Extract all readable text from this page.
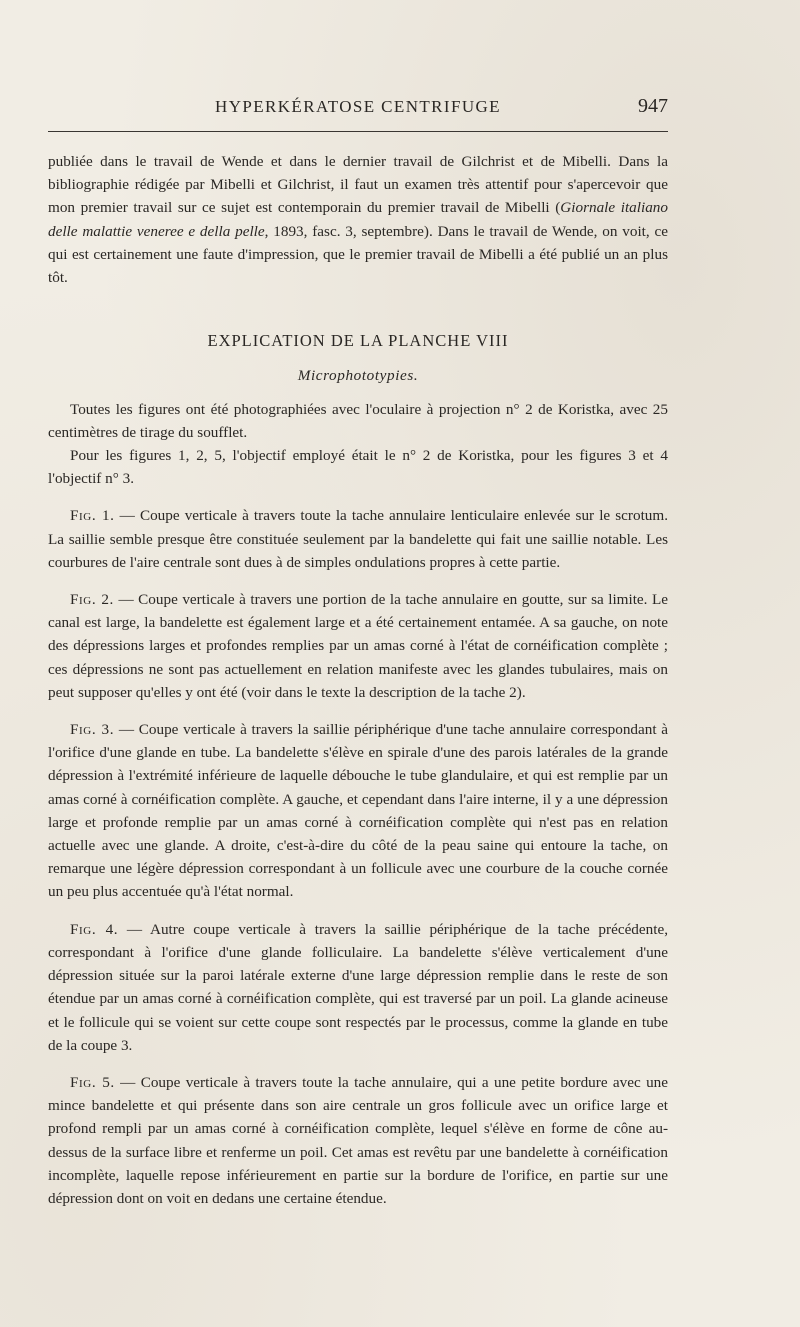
HYPERKÉRATOSE CENTRIFUGE	947

publiée dans le travail de Wende et dans le dernier travail de Gilchrist et de Mibelli. Dans la bibliographie rédigée par Mibelli et Gilchrist, il faut un examen très attentif pour s'apercevoir que mon premier travail sur ce sujet est contemporain du premier travail de Mibelli (Giornale italiano delle malattie veneree e della pelle, 1893, fasc. 3, septembre). Dans le travail de Wende, on voit, ce qui est certainement une faute d'impression, que le premier travail de Mibelli a été publié un an plus tôt.

EXPLICATION DE LA PLANCHE VIII

Microphototypies.

Toutes les figures ont été photographiées avec l'oculaire à projection n° 2 de Koristka, avec 25 centimètres de tirage du soufflet.

Pour les figures 1, 2, 5, l'objectif employé était le n° 2 de Koristka, pour les figures 3 et 4 l'objectif n° 3.

Fig. 1. — Coupe verticale à travers toute la tache annulaire lenticulaire enlevée sur le scrotum. La saillie semble presque être constituée seulement par la bandelette qui fait une saillie notable. Les courbures de l'aire centrale sont dues à de simples ondulations propres à cette partie.

Fig. 2. — Coupe verticale à travers une portion de la tache annulaire en goutte, sur sa limite. Le canal est large, la bandelette est également large et a été certainement entamée. A sa gauche, on note des dépressions larges et profondes remplies par un amas corné à l'état de cornéification complète ; ces dépressions ne sont pas actuellement en relation manifeste avec les glandes tubulaires, mais on peut supposer qu'elles y ont été (voir dans le texte la description de la tache 2).

Fig. 3. — Coupe verticale à travers la saillie périphérique d'une tache annulaire correspondant à l'orifice d'une glande en tube. La bandelette s'élève en spirale d'une des parois latérales de la grande dépression à l'extrémité inférieure de laquelle débouche le tube glandulaire, et qui est remplie par un amas corné à cornéification complète. A gauche, et cependant dans l'aire interne, il y a une dépression large et profonde remplie par un amas corné à cornéification complète qui n'est pas en relation actuelle avec une glande. A droite, c'est-à-dire du côté de la peau saine qui entoure la tache, on remarque une légère dépression correspondant à un follicule avec une courbure de la couche cornée un peu plus accentuée qu'à l'état normal.

Fig. 4. — Autre coupe verticale à travers la saillie périphérique de la tache précédente, correspondant à l'orifice d'une glande folliculaire. La bandelette s'élève verticalement d'une dépression située sur la paroi latérale externe d'une large dépression remplie dans le reste de son étendue par un amas corné à cornéification complète, qui est traversé par un poil. La glande acineuse et le follicule qui se voient sur cette coupe sont respectés par le processus, comme la glande en tube de la coupe 3.

Fig. 5. — Coupe verticale à travers toute la tache annulaire, qui a une petite bordure avec une mince bandelette et qui présente dans son aire centrale un gros follicule avec un orifice large et profond rempli par un amas corné à cornéification complète, lequel s'élève en forme de cône au-dessus de la surface libre et renferme un poil. Cet amas est revêtu par une bandelette à cornéification incomplète, laquelle repose inférieurement en partie sur la bordure de l'orifice, en partie sur une dépression dont on voit en dedans une certaine étendue.
